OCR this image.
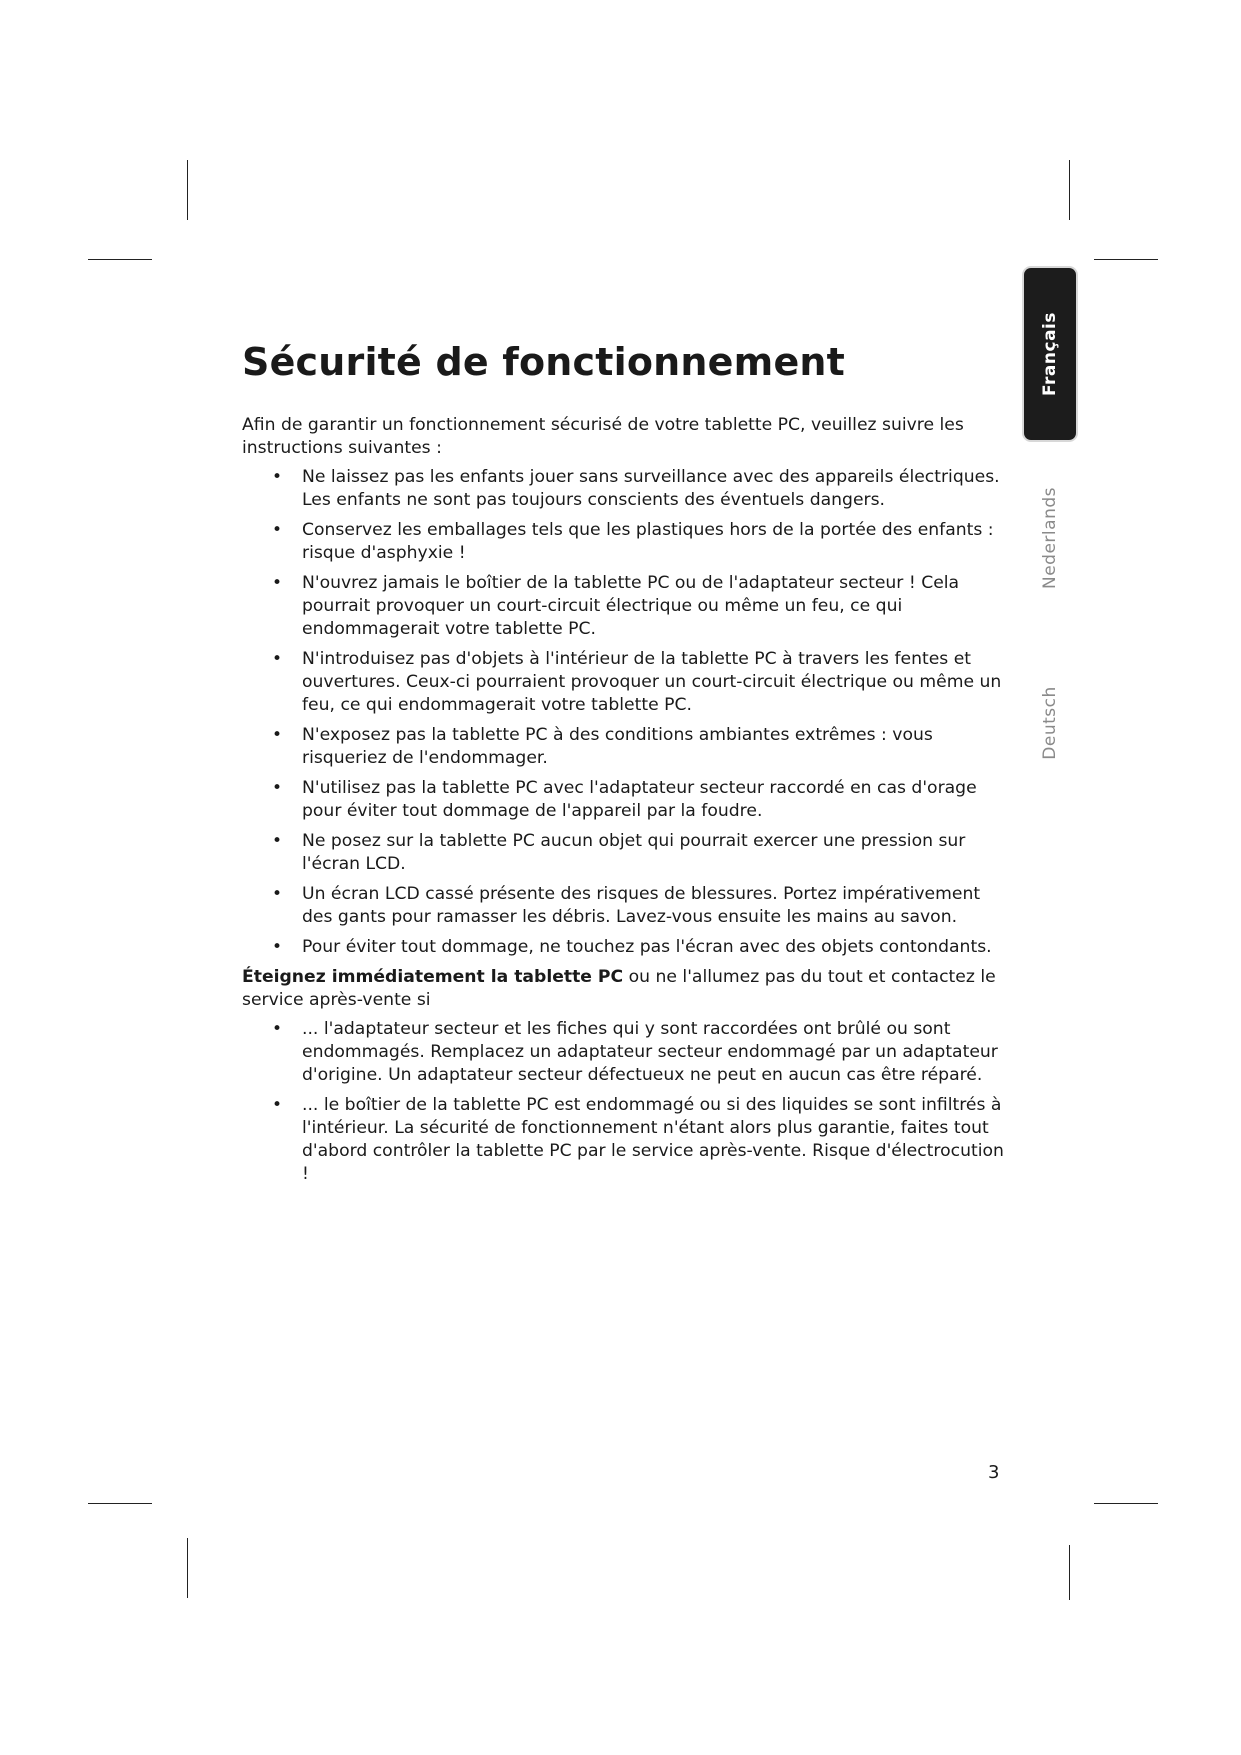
Français
Nederlands
Deutsch
Sécurité de fonctionnement

Afin de garantir un fonctionnement sécurisé de votre tablette PC, veuillez suivre les instructions suivantes :

• Ne laissez pas les enfants jouer sans surveillance avec des appareils électriques. Les enfants ne sont pas toujours conscients des éventuels dangers.
• Conservez les emballages tels que les plastiques hors de la portée des enfants : risque d'asphyxie !
• N'ouvrez jamais le boîtier de la tablette PC ou de l'adaptateur secteur ! Cela pourrait provoquer un court-circuit électrique ou même un feu, ce qui endommagerait votre tablette PC.
• N'introduisez pas d'objets à l'intérieur de la tablette PC à travers les fentes et ouvertures. Ceux-ci pourraient provoquer un court-circuit électrique ou même un feu, ce qui endommagerait votre tablette PC.
• N'exposez pas la tablette PC à des conditions ambiantes extrêmes : vous risqueriez de l'endommager.
• N'utilisez pas la tablette PC avec l'adaptateur secteur raccordé en cas d'orage pour éviter tout dommage de l'appareil par la foudre.
• Ne posez sur la tablette PC aucun objet qui pourrait exercer une pression sur l'écran LCD.
• Un écran LCD cassé présente des risques de blessures. Portez impérativement des gants pour ramasser les débris. Lavez-vous ensuite les mains au savon.
• Pour éviter tout dommage, ne touchez pas l'écran avec des objets contondants.

Éteignez immédiatement la tablette PC ou ne l'allumez pas du tout et contactez le service après-vente si

• ... l'adaptateur secteur et les fiches qui y sont raccordées ont brûlé ou sont endommagés. Remplacez un adaptateur secteur endommagé par un adaptateur d'origine. Un adaptateur secteur défectueux ne peut en aucun cas être réparé.
• ... le boîtier de la tablette PC est endommagé ou si des liquides se sont infiltrés à l'intérieur. La sécurité de fonctionnement n'étant alors plus garantie, faites tout d'abord contrôler la tablette PC par le service après-vente. Risque d'électrocution !
3
